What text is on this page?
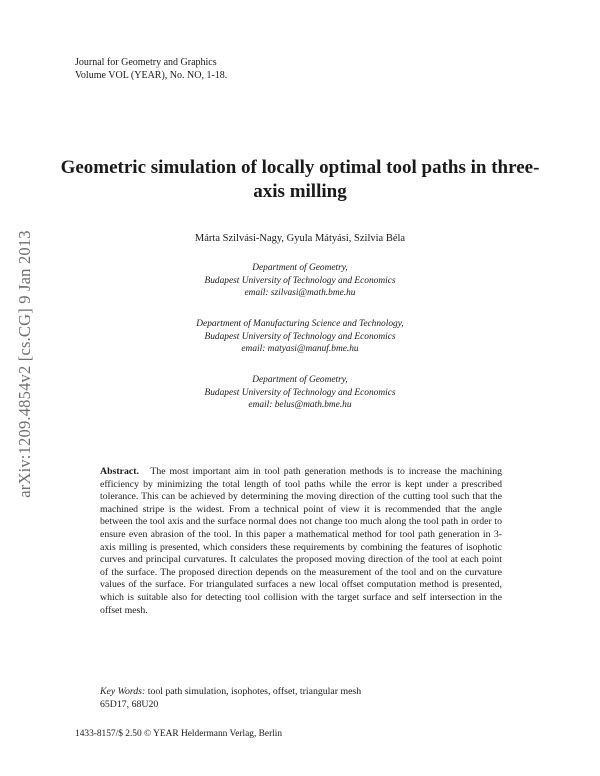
Journal for Geometry and Graphics
Volume VOL (YEAR), No. NO, 1-18.
arXiv:1209.4854v2 [cs.CG] 9 Jan 2013
Geometric simulation of locally optimal tool paths in three-axis milling
Márta Szilvási-Nagy, Gyula Mátyási, Szilvia Béla
Department of Geometry,
Budapest University of Technology and Economics
email: szilvasi@math.bme.hu
Department of Manufacturing Science and Technology,
Budapest University of Technology and Economics
email: matyasi@manuf.bme.hu
Department of Geometry,
Budapest University of Technology and Economics
email: belus@math.bme.hu
Abstract. The most important aim in tool path generation methods is to increase the machining efficiency by minimizing the total length of tool paths while the error is kept under a prescribed tolerance. This can be achieved by determining the moving direction of the cutting tool such that the machined stripe is the widest. From a technical point of view it is recommended that the angle between the tool axis and the surface normal does not change too much along the tool path in order to ensure even abrasion of the tool. In this paper a mathematical method for tool path generation in 3-axis milling is presented, which considers these requirements by combining the features of isophotic curves and principal curvatures. It calculates the proposed moving direction of the tool at each point of the surface. The proposed direction depends on the measurement of the tool and on the curvature values of the surface. For triangulated surfaces a new local offset computation method is presented, which is suitable also for detecting tool collision with the target surface and self intersection in the offset mesh.
Key Words: tool path simulation, isophotes, offset, triangular mesh
65D17, 68U20
1433-8157/$ 2.50 © YEAR Heldermann Verlag, Berlin
